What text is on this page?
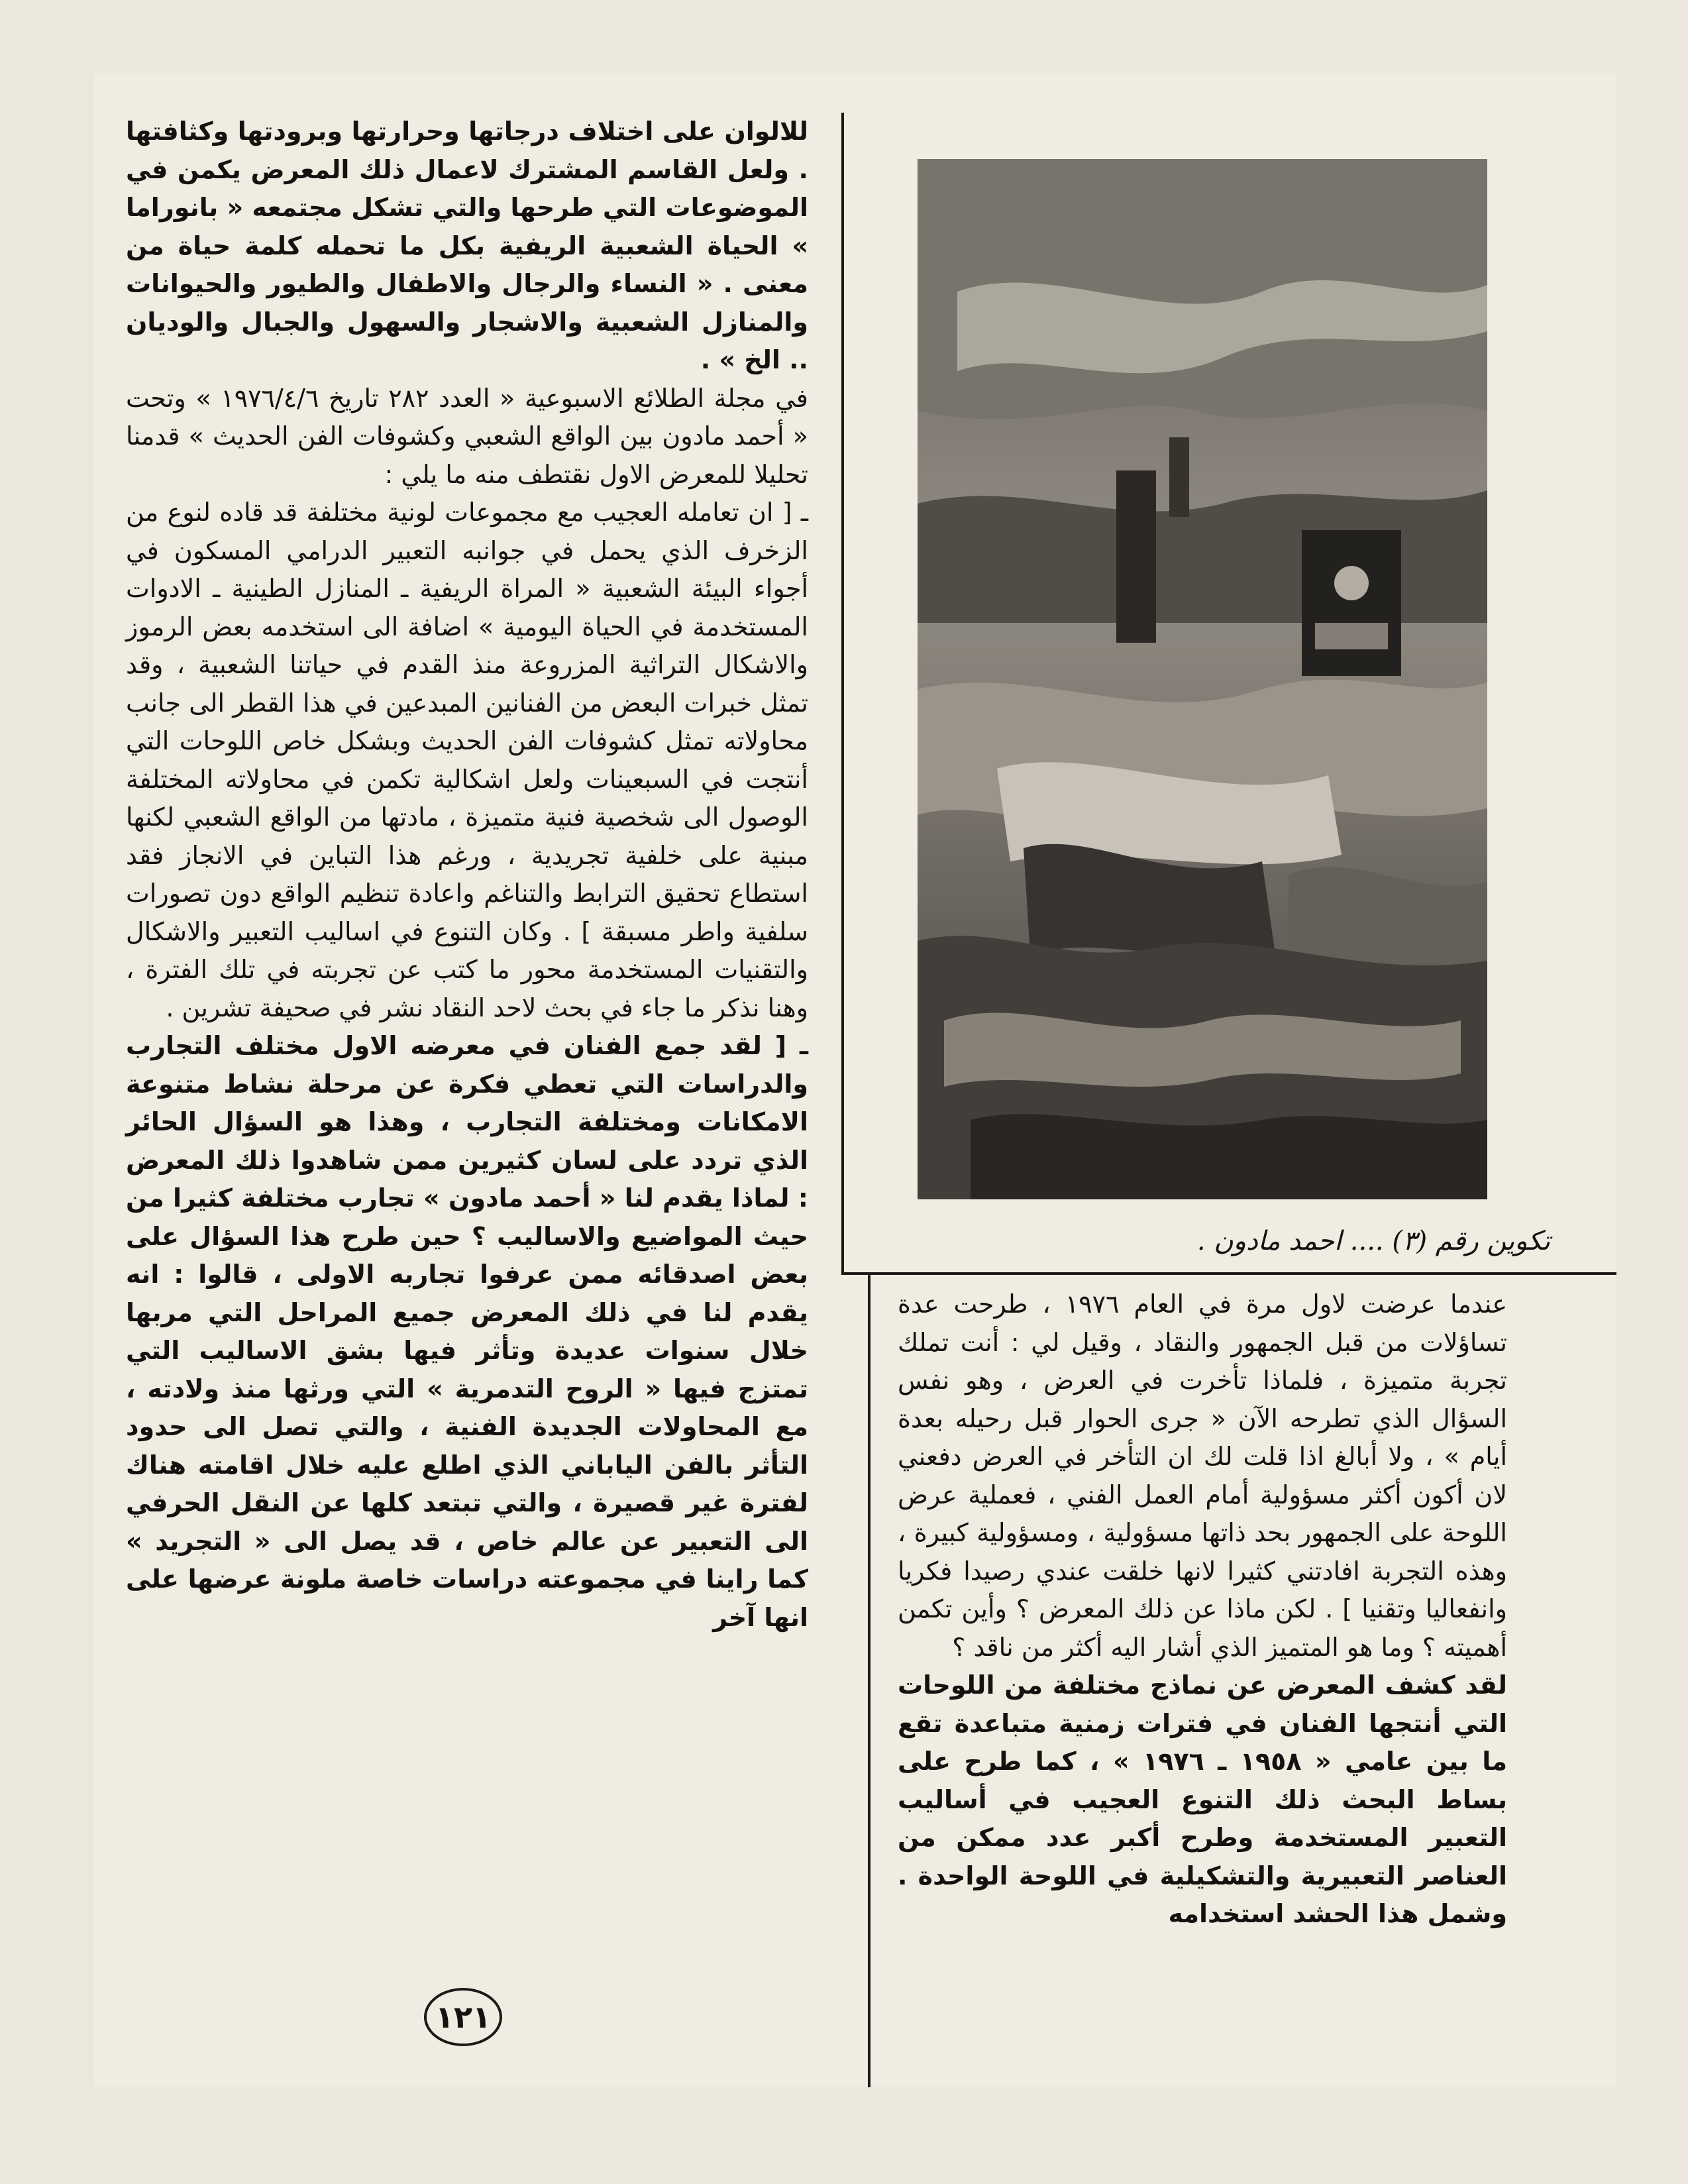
للالوان على اختلاف درجاتها وحرارتها وبرودتها وكثافتها . ولعل القاسم المشترك لاعمال ذلك المعرض يكمن في الموضوعات التي طرحها والتي تشكل مجتمعه « بانوراما » الحياة الشعبية الريفية بكل ما تحمله كلمة حياة من معنى . « النساء والرجال والاطفال والطيور والحيوانات والمنازل الشعبية والاشجار والسهول والجبال والوديان .. الخ » .

في مجلة الطلائع الاسبوعية « العدد ٢٨٢ تاريخ ١٩٧٦/٤/٦ » وتحت « أحمد مادون بين الواقع الشعبي وكشوفات الفن الحديث » قدمنا تحليلا للمعرض الاول نقتطف منه ما يلي :

ـ [ ان تعامله العجيب مع مجموعات لونية مختلفة قد قاده لنوع من الزخرف الذي يحمل في جوانبه التعبير الدرامي المسكون في أجواء البيئة الشعبية « المراة الريفية ـ المنازل الطينية ـ الادوات المستخدمة في الحياة اليومية » اضافة الى استخدمه بعض الرموز والاشكال التراثية المزروعة منذ القدم في حياتنا الشعبية ، وقد تمثل خبرات البعض من الفنانين المبدعين في هذا القطر الى جانب محاولاته تمثل كشوفات الفن الحديث وبشكل خاص اللوحات التي أنتجت في السبعينات ولعل اشكالية تكمن في محاولاته المختلفة الوصول الى شخصية فنية متميزة ، مادتها من الواقع الشعبي لكنها مبنية على خلفية تجريدية ، ورغم هذا التباين في الانجاز فقد استطاع تحقيق الترابط والتناغم واعادة تنظيم الواقع دون تصورات سلفية واطر مسبقة ] . وكان التنوع في اساليب التعبير والاشكال والتقنيات المستخدمة محور ما كتب عن تجربته في تلك الفترة ، وهنا نذكر ما جاء في بحث لاحد النقاد نشر في صحيفة تشرين .

ـ [ لقد جمع الفنان في معرضه الاول مختلف التجارب والدراسات التي تعطي فكرة عن مرحلة نشاط متنوعة الامكانات ومختلفة التجارب ، وهذا هو السؤال الحائر الذي تردد على لسان كثيرين ممن شاهدوا ذلك المعرض : لماذا يقدم لنا « أحمد مادون » تجارب مختلفة كثيرا من حيث المواضيع والاساليب ؟ حين طرح هذا السؤال على بعض اصدقائه ممن عرفوا تجاربه الاولى ، قالوا : انه يقدم لنا في ذلك المعرض جميع المراحل التي مربها خلال سنوات عديدة وتأثر فيها بشق الاساليب التي تمتزج فيها « الروح التدمرية » التي ورثها منذ ولادته ، مع المحاولات الجديدة الفنية ، والتي تصل الى حدود التأثر بالفن الياباني الذي اطلع عليه خلال اقامته هناك لفترة غير قصيرة ، والتي تبتعد كلها عن النقل الحرفي الى التعبير عن عالم خاص ، قد يصل الى « التجريد » كما راينا في مجموعته دراسات خاصة ملونة عرضها على انها آخر

تكوين رقم (٣) .... احمد مادون .

عندما عرضت لاول مرة في العام ١٩٧٦ ، طرحت عدة تساؤلات من قبل الجمهور والنقاد ، وقيل لي : أنت تملك تجربة متميزة ، فلماذا تأخرت في العرض ، وهو نفس السؤال الذي تطرحه الآن « جرى الحوار قبل رحيله بعدة أيام » ، ولا أبالغ اذا قلت لك ان التأخر في العرض دفعني لان أكون أكثر مسؤولية أمام العمل الفني ، فعملية عرض اللوحة على الجمهور بحد ذاتها مسؤولية ، ومسؤولية كبيرة ، وهذه التجربة افادتني كثيرا لانها خلقت عندي رصيدا فكريا وانفعاليا وتقنيا ] . لكن ماذا عن ذلك المعرض ؟ وأين تكمن أهميته ؟ وما هو المتميز الذي أشار اليه أكثر من ناقد ؟

لقد كشف المعرض عن نماذج مختلفة من اللوحات التي أنتجها الفنان في فترات زمنية متباعدة تقع ما بين عامي « ١٩٥٨ ـ ١٩٧٦ » ، كما طرح على بساط البحث ذلك التنوع العجيب في أساليب التعبير المستخدمة وطرح أكبر عدد ممكن من العناصر التعبيرية والتشكيلية في اللوحة الواحدة . وشمل هذا الحشد استخدامه

١٢١
